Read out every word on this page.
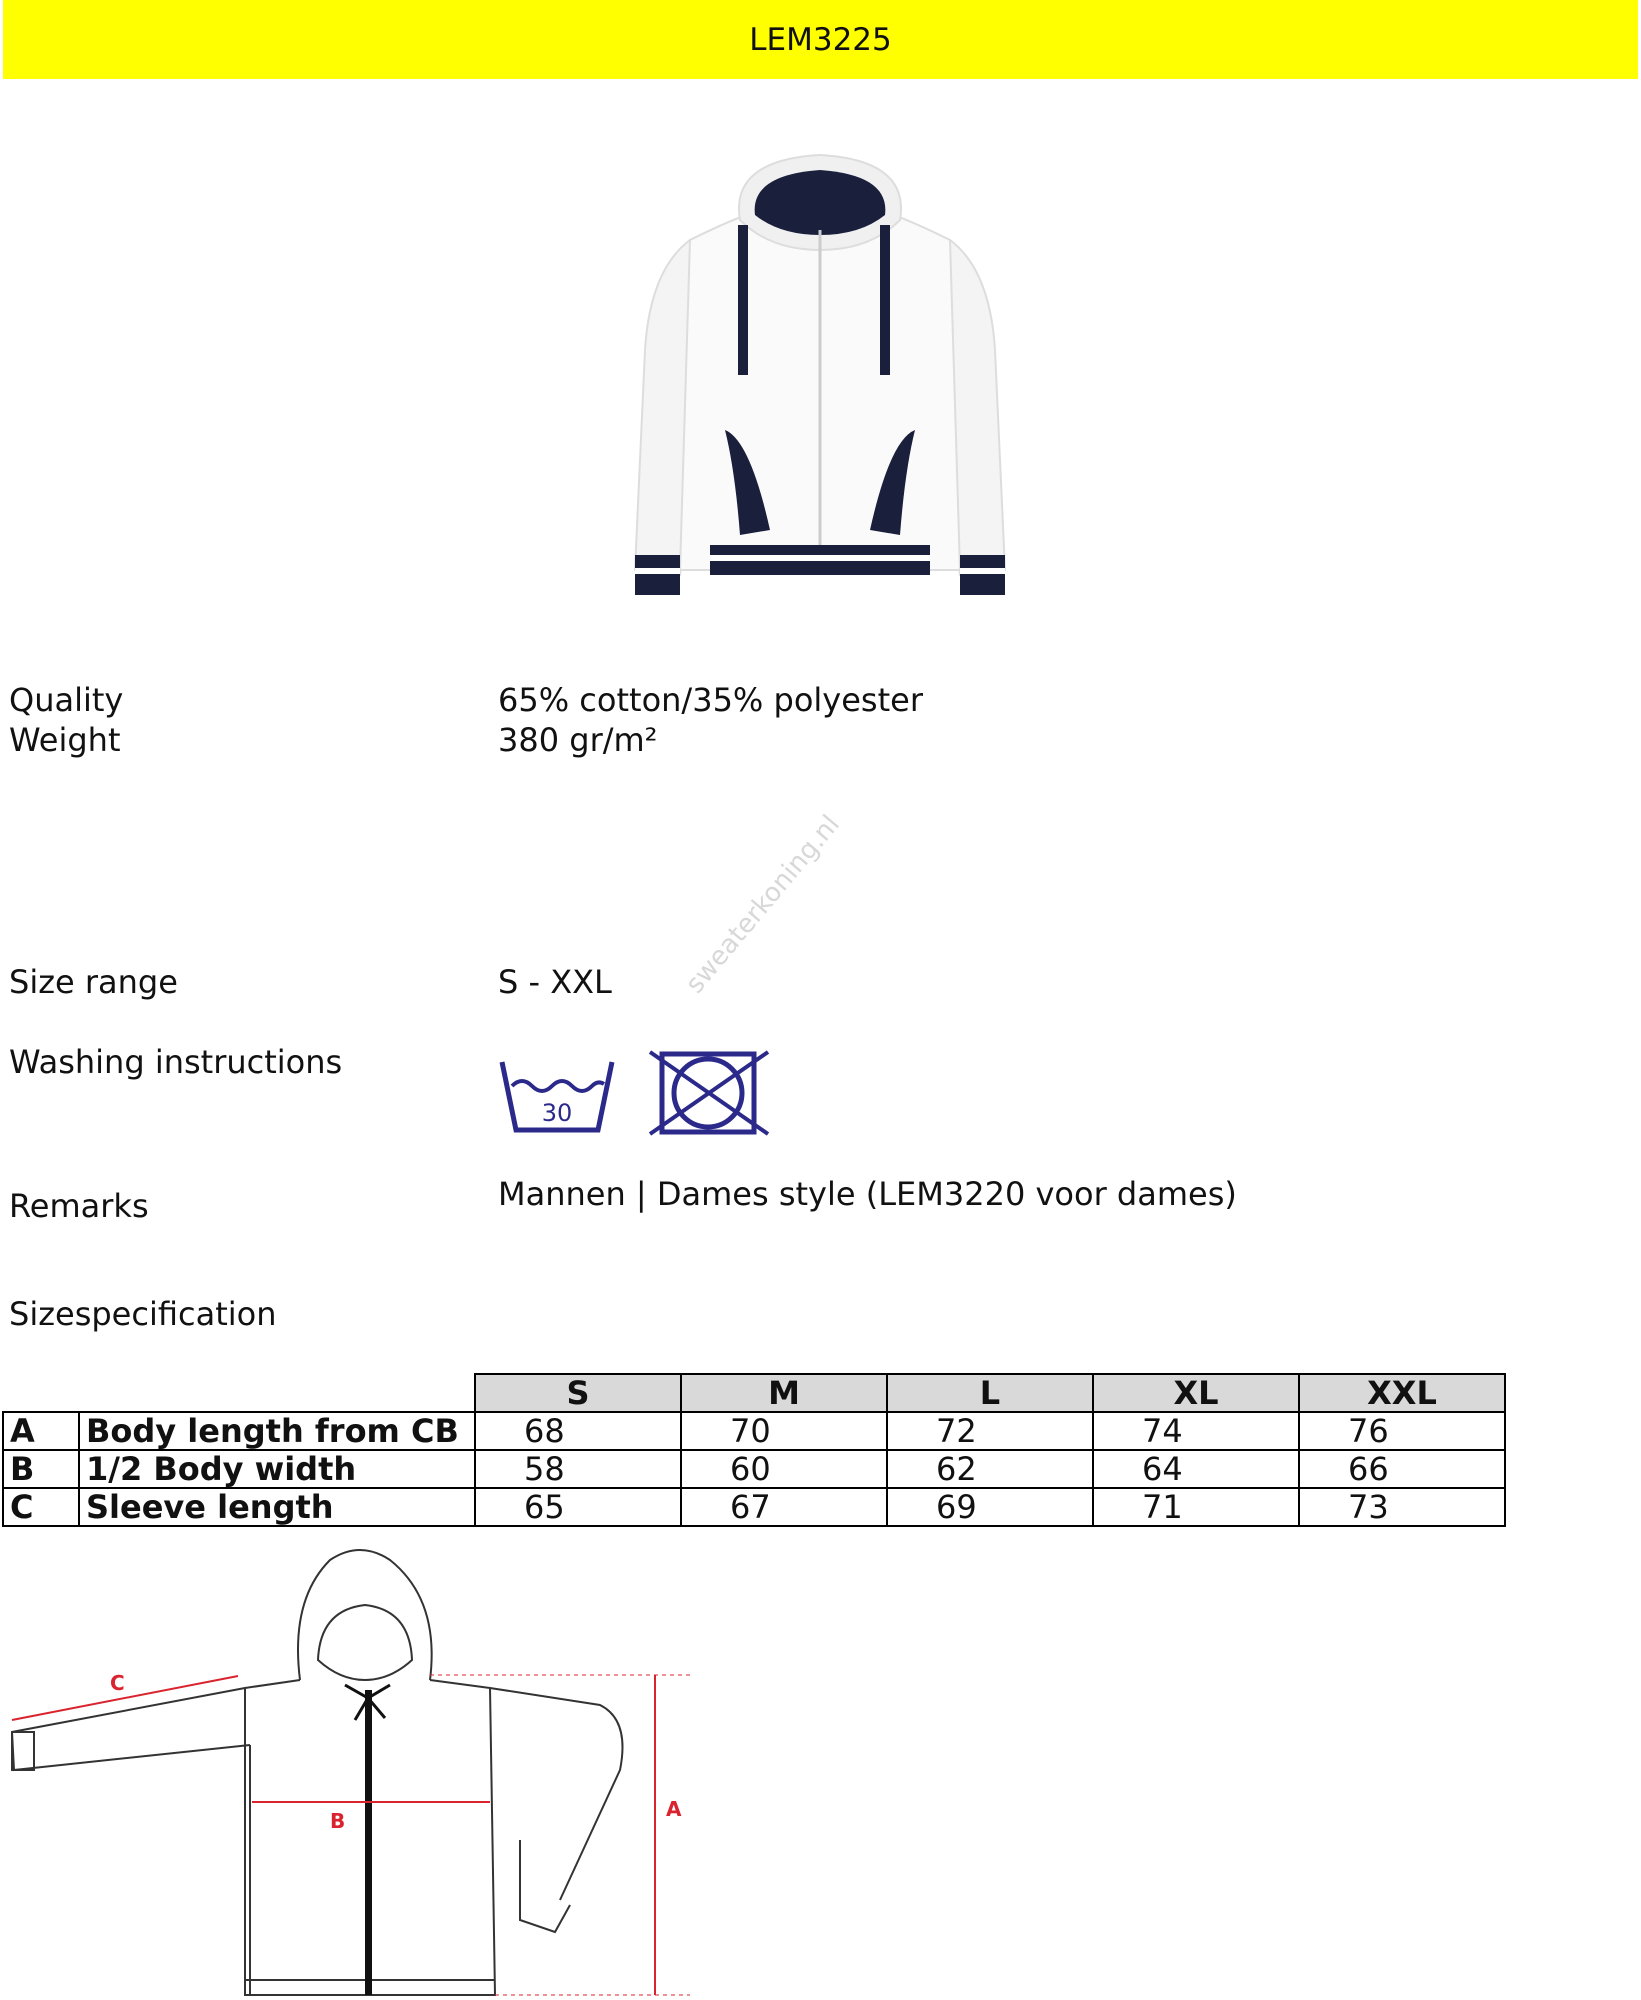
LEM3225
Quality	65% cotton/35% polyester
Weight	380 gr/m²
sweaterkoning.nl
Size range	S - XXL
Washing instructions
30
Remarks	Mannen | Dames style (LEM3220 voor dames)
Sizespecification
		S	M	L	XL	XXL
A	Body length from CB	68	70	72	74	76
B	1/2 Body width	58	60	62	64	66
C	Sleeve length	65	67	69	71	73
C
B	A
